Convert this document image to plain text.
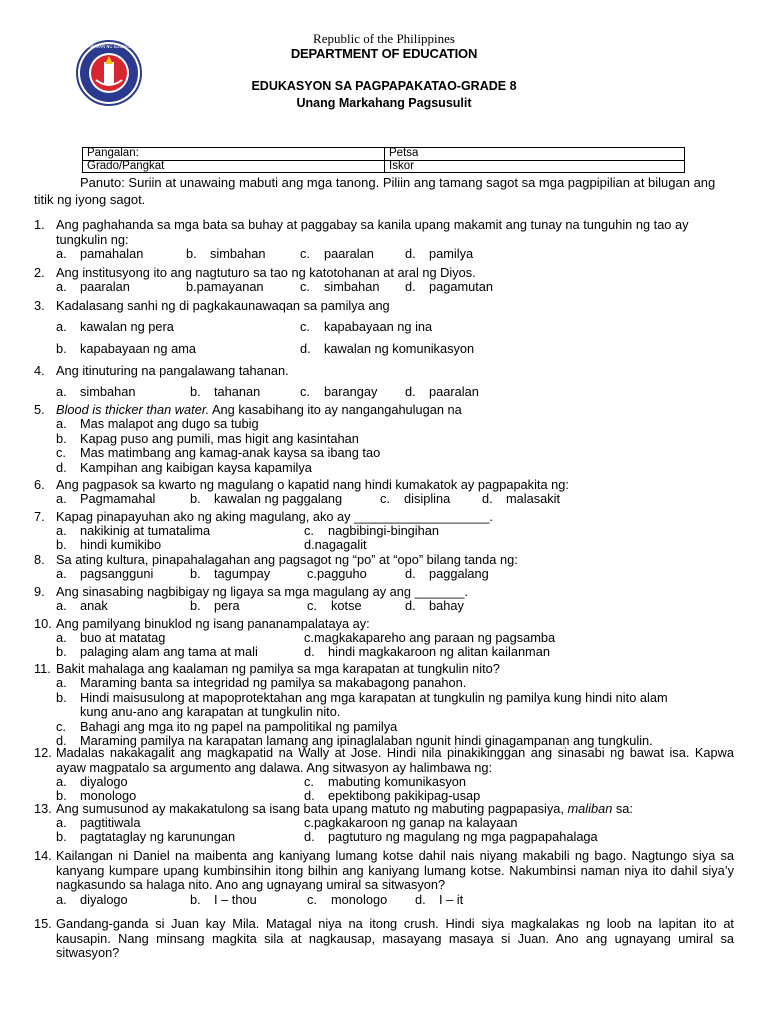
KAGAWARAN NG EDUKASYON
Republic of the Philippines
DEPARTMENT OF EDUCATION
EDUKASYON SA PAGPAPAKATAO-GRADE 8
Unang Markahang Pagsusulit
Pangalan:	Petsa
Grado/Pangkat	Iskor
Panuto: Suriin at unawaing mabuti ang mga tanong. Piliin ang tamang sagot sa mga pagpipilian at bilugan ang titik ng iyong sagot.
1. Ang paghahanda sa mga bata sa buhay at paggabay sa kanila upang makamit ang tunay na tunguhin ng tao ay tungkulin ng:
a. pamahalan	b. simbahan	c. paaralan d. pamilya
2. Ang institusyong ito ang nagtuturo sa tao ng katotohanan at aral ng Diyos.
a. paaralan	b.pamayanan	c. simbahan d. pagamutan
3. Kadalasang sanhi ng di pagkakaunawaqan sa pamilya ang
a. kawalan ng pera	c. kapabayaan ng ina
b. kapabayaan ng ama	d. kawalan ng komunikasyon
4. Ang itinuturing na pangalawang tahanan.
a. simbahan	b. tahanan	c. barangay d. paaralan
5. Blood is thicker than water. Ang kasabihang ito ay nangangahulugan na
a. Mas malapot ang dugo sa tubig
b. Kapag puso ang pumili, mas higit ang kasintahan
c. Mas matimbang ang kamag-anak kaysa sa ibang tao
d. Kampihan ang kaibigan kaysa kapamilya
6. Ang pagpasok sa kwarto ng magulang o kapatid nang hindi kumakatok ay pagpapakita ng:
a. Pagmamahal	b. kawalan ng paggalang	c. disiplina d. malasakit
7. Kapag pinapayuhan ako ng aking magulang, ako ay ___________________.
a. nakikinig at tumatalima	c. nagbibingi-bingihan
b. hindi kumikibo	d.nagagalit
8. Sa ating kultura, pinapahalagahan ang pagsagot ng “po” at “opo” bilang tanda ng:
a. pagsangguni	b. tagumpay	c.pagguho	d. paggalang
9. Ang sinasabing nagbibigay ng ligaya sa mga magulang ay ang _______.
a. anak	b. pera	c. kotse	d. bahay
10. Ang pamilyang binuklod ng isang pananampalataya ay:
a. buo at matatag	c.magkakapareho ang paraan ng pagsamba
b. palaging alam ang tama at mali	d. hindi magkakaroon ng alitan kailanman
11. Bakit mahalaga ang kaalaman ng pamilya sa mga karapatan at tungkulin nito?
a. Maraming banta sa integridad ng pamilya sa makabagong panahon.
b. Hindi maisusulong at mapoprotektahan ang mga karapatan at tungkulin ng pamilya kung hindi nito alam
kung anu-ano ang karapatan at tungkulin nito.
c. Bahagi ang mga ito ng papel na pampolitikal ng pamilya
d. Maraming pamilya na karapatan lamang ang ipinaglalaban ngunit hindi ginagampanan ang tungkulin.
12. Madalas nakakagalit ang magkapatid na Wally at Jose. Hindi nila pinakikinggan ang sinasabi ng bawat isa. Kapwa ayaw magpatalo sa argumento ang dalawa. Ang sitwasyon ay halimbawa ng:
a. diyalogo	c. mabuting komunikasyon
b. monologo	d. epektibong pakikipag-usap
13. Ang sumusunod ay makakatulong sa isang bata upang matuto ng mabuting pagpapasiya, maliban sa:
a. pagtitiwala	c.pagkakaroon ng ganap na kalayaan
b. pagtataglay ng karunungan	d. pagtuturo ng magulang ng mga pagpapahalaga
14. Kailangan ni Daniel na maibenta ang kaniyang lumang kotse dahil nais niyang makabili ng bago. Nagtungo siya sa kanyang kumpare upang kumbinsihin itong bilhin ang kaniyang lumang kotse. Nakumbinsi naman niya ito dahil siya’y nagkasundo sa halaga nito. Ano ang ugnayang umiral sa sitwasyon?
a. diyalogo	b. I – thou	c. monologo d. I – it
15. Gandang-ganda si Juan kay Mila. Matagal niya na itong crush. Hindi siya magkalakas ng loob na lapitan ito at kausapin. Nang minsang magkita sila at nagkausap, masayang masaya si Juan. Ano ang ugnayang umiral sa sitwasyon?
